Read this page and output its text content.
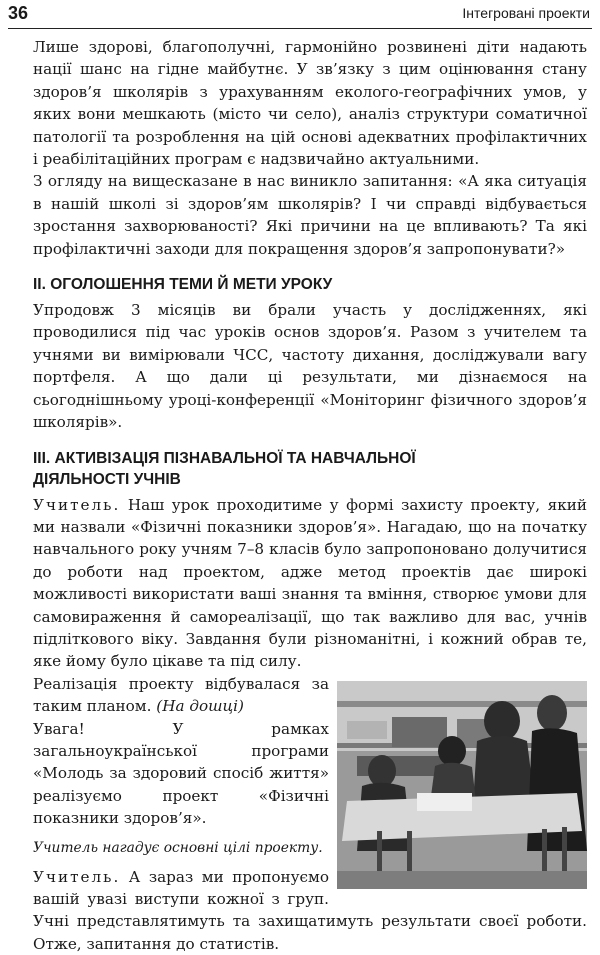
36	Інтегровані проекти

Лише здорові, благополучні, гармонійно розвинені діти надають нації шанс на гідне майбутнє. У зв’язку з цим оцінювання стану здоров’я школярів з урахуванням еколого-географічних умов, у яких вони мешкають (місто чи село), аналіз структури соматичної патології та розроблення на цій основі адекватних профілактичних і реабілітаційних програм є надзвичайно актуальними.

З огляду на вищесказане в нас виникло запитання: «А яка ситуація в нашій школі зі здоров’ям школярів? І чи справді відбувається зростання захворюваності? Які причини на це впливають? Та які профілактичні заходи для покращення здоров’я запропонувати?»

II. ОГОЛОШЕННЯ ТЕМИ Й МЕТИ УРОКУ

Упродовж 3 місяців ви брали участь у дослідженнях, які проводилися під час уроків основ здоров’я. Разом з учителем та учнями ви вимірювали ЧСС, частоту дихання, досліджували вагу портфеля. А що дали ці результати, ми дізнаємося на сьогоднішньому уроці-конференції «Моніторинг фізичного здоров’я школярів».

III. АКТИВІЗАЦІЯ ПІЗНАВАЛЬНОЇ ТА НАВЧАЛЬНОЇ ДІЯЛЬНОСТІ УЧНІВ

Учитель. Наш урок проходитиме у формі захисту проекту, який ми назвали «Фізичні показники здоров’я». Нагадаю, що на початку навчального року учням 7–8 класів було запропоновано долучитися до роботи над проектом, адже метод проектів дає широкі можливості використати ваші знання та вміння, створює умови для самовираження й самореалізації, що так важливо для вас, учнів підліткового віку. Завдання були різноманітні, і кожний обрав те, яке йому було цікаве та під силу.

Реалізація проекту відбувалася за таким планом. (На дошці)

Увага! У рамках загальноукраїнської програми «Молодь за здоровий спосіб життя» реалізуємо проект «Фізичні показники здоров’я».

Учитель нагадує основні цілі проекту.

Учитель. А зараз ми пропонуємо вашій увазі виступи кожної з груп. Учні представлятимуть та захищатимуть результати своєї роботи. Отже, запитання до статистів.
